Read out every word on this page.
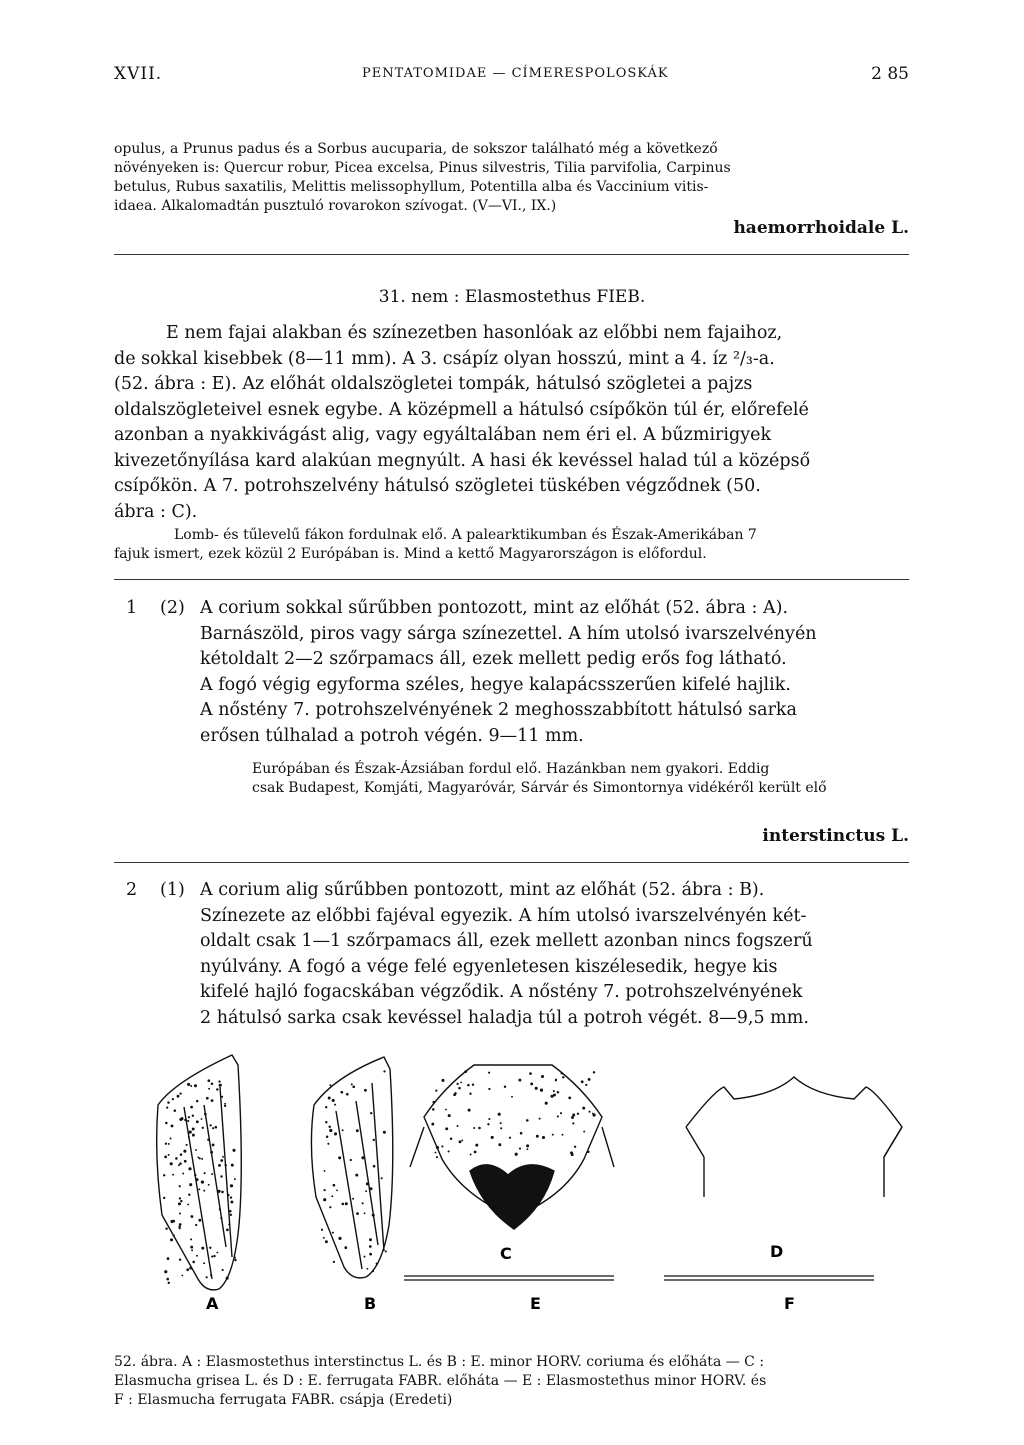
XVII.	PENTATOMIDAE — CÍMERESPOLOSKÁK	2 85
opulus, a Prunus padus és a Sorbus aucuparia, de sokszor található még a következő
növényeken is: Quercur robur, Picea excelsa, Pinus silvestris, Tilia parvifolia, Carpinus
betulus, Rubus saxatilis, Melittis melissophyllum, Potentilla alba és Vaccinium vitis-
idaea. Alkalomadtán pusztuló rovarokon szívogat. (V—VI., IX.)
haemorrhoidale L.
31. nem : Elasmostethus FIEB.
E nem fajai alakban és színezetben hasonlóak az előbbi nem fajaihoz,
de sokkal kisebbek (8—11 mm). A 3. csápíz olyan hosszú, mint a 4. íz ²/₃-a.
(52. ábra : E). Az előhát oldalszögletei tompák, hátulsó szögletei a pajzs
oldalszögleteivel esnek egybe. A középmell a hátulsó csípőkön túl ér, előrefelé
azonban a nyakkivágást alig, vagy egyáltalában nem éri el. A bűzmirigyek
kivezetőnyílása kard alakúan megnyúlt. A hasi ék kevéssel halad túl a középső
csípőkön. A 7. potrohszelvény hátulsó szögletei tüskében végződnek (50.
ábra : C).
Lomb- és tűlevelű fákon fordulnak elő. A palearktikumban és Észak-Amerikában 7
fajuk ismert, ezek közül 2 Európában is. Mind a kettő Magyarországon is előfordul.
1 (2) A corium sokkal sűrűbben pontozott, mint az előhát (52. ábra : A).
Barnászöld, piros vagy sárga színezettel. A hím utolsó ivarszelvényén
kétoldalt 2—2 szőrpamacs áll, ezek mellett pedig erős fog látható.
A fogó végig egyforma széles, hegye kalapácsszerűen kifelé hajlik.
A nőstény 7. potrohszelvényének 2 meghosszabbított hátulsó sarka
erősen túlhalad a potroh végén. 9—11 mm.
Európában és Észak-Ázsiában fordul elő. Hazánkban nem gyakori. Eddig
csak Budapest, Komjáti, Magyaróvár, Sárvár és Simontornya vidékéről került elő
interstinctus L.
2 (1) A corium alig sűrűbben pontozott, mint az előhát (52. ábra : B).
Színezete az előbbi fajéval egyezik. A hím utolsó ivarszelvényén két-
oldalt csak 1—1 szőrpamacs áll, ezek mellett azonban nincs fogszerű
nyúlvány. A fogó a vége felé egyenletesen kiszélesedik, hegye kis
kifelé hajló fogacskában végződik. A nőstény 7. potrohszelvényének
2 hátulsó sarka csak kevéssel haladja túl a potroh végét. 8—9,5 mm.
A	B
C	D
E	F
52. ábra. A : Elasmostethus interstinctus L. és B : E. minor HORV. coriuma és előháta — C :
Elasmucha grisea L. és D : E. ferrugata FABR. előháta — E : Elasmostethus minor HORV. és
F : Elasmucha ferrugata FABR. csápja (Eredeti)
